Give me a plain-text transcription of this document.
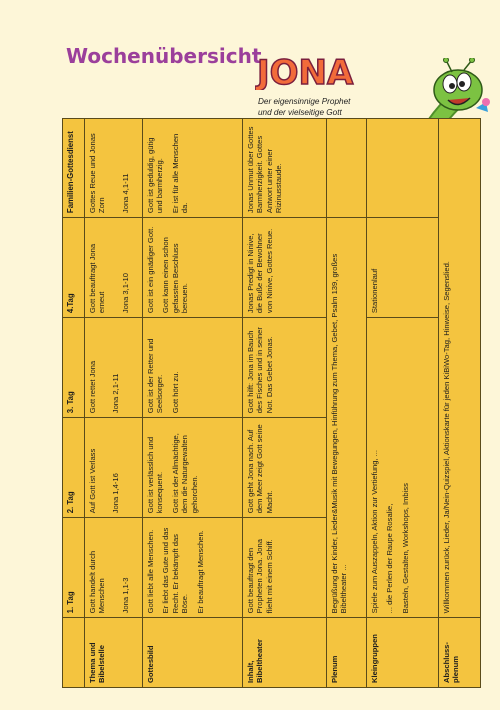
Wochenübersicht
JONA
Der eigensinnige Prophet
und der vielseitige Gott
	1. Tag	2. Tag	3. Tag	4.Tag	Familien-Gottesdienst
Thema und Bibelstelle	Gott handelt durch Menschen Jona 1,1-3	Auf Gott ist Verlass Jona 1,4-16	Gott rettet Jona Jona 2,1-11	Gott beauftragt Jona erneut Jona 3,1-10	Gottes Reue und Jonas Zorn Jona 4,1-11

Gottesbild	Gott liebt alle Menschen. Er liebt das Gute und das Recht. Er bekämpft das Böse. Er beauftragt Menschen.	Gott ist verlässlich und konsequent. Gott ist der Allmächtige, dem die Naturgewalten gehorchen.	Gott ist der Retter und Seelsorger. Gott hört zu.	Gott ist ein gnädiger Gott. Gott kann einen schon gefassten Beschluss bereuen.	Gott ist geduldig, gütig und barmherzig. Er ist für alle Menschen da.

Inhalt, Bibeltheater	Gott beauftragt den Propheten Jona. Jona flieht mit einem Schiff.	Gott geht Jona nach. Auf dem Meer zeigt Gott seine Macht.	Gott hilft: Jona im Bauch des Fisches und in seiner Not. Das Gebet Jonas.	Jonas Predigt in Ninive, die Buße der Bewohner von Ninive, Gottes Reue.	Jonas Unmut über Gottes Barmherzigkeit. Gottes Antwort unter einer Rizinusstaude.
Plenum	Begrüßung der Kinder, Lieder&Musik mit Bewegungen, Hinführung zum Thema, Gebet, Psalm 139, großes Bibeltheater ...				
Kleingruppen	Spiele zum Auszappeln, Aktion zur Vertiefung, ... ... die Perlen der Raupe Rosalie, Basteln, Gestalten, Workshops, Imbiss			Stationenlauf	
Abschluss-plenum	Willkommen zurück, Lieder, Ja/Nein-Quizspiel, Aktionskarte für jeden KiBiWo-Tag, Hinweise, Segenslied.				
